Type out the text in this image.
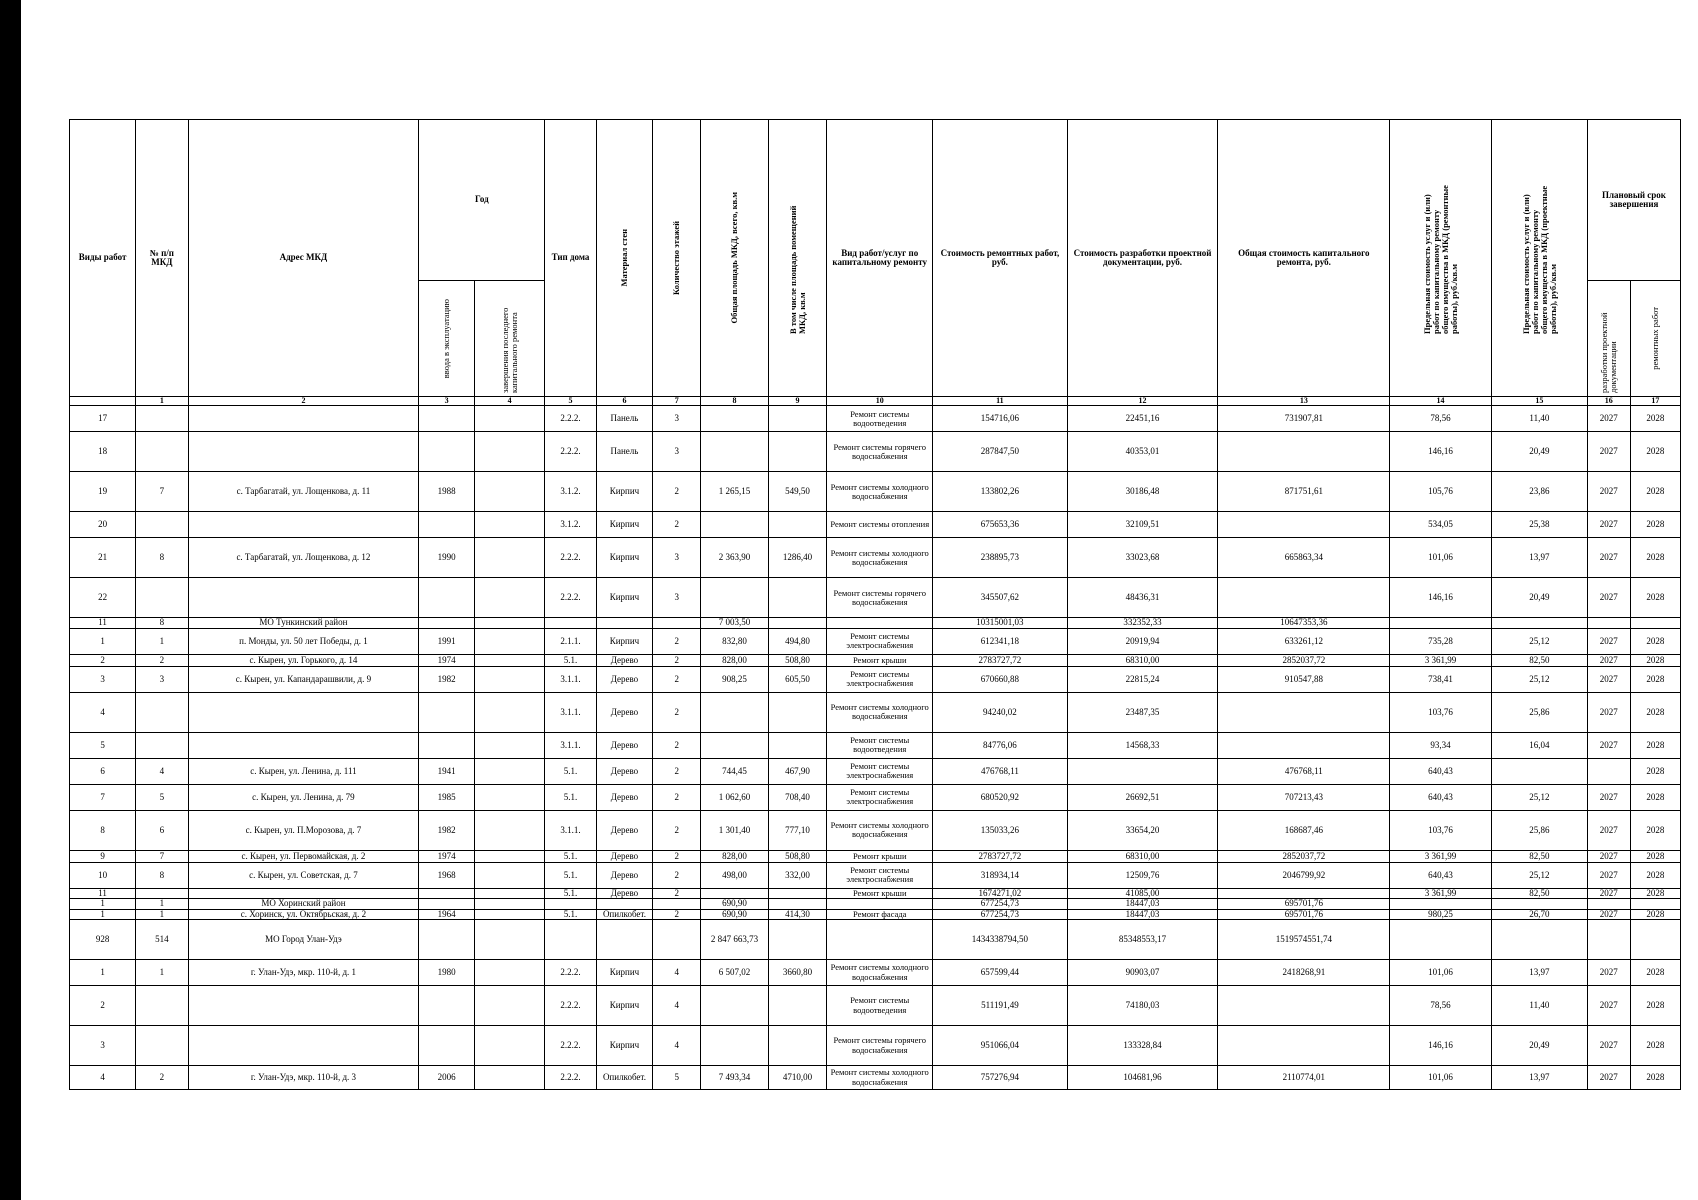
Виды работ	№ п/п МКД	Адрес МКД	Год		Тип дома	Материал стен	Количество этажей	Общая площадь МКД, всего, кв.м	В том числе площадь помещений МКД, кв.м	Вид работ/услуг по капитальному ремонту	Стоимость ремонтных работ, руб.	Стоимость разработки проектной документации, руб.	Общая стоимость капитального ремонта, руб.	Предельная стоимость услуг и (или) работ по капитальному ремонту общего имущества в МКД (ремонтные работы), руб./кв.м	Предельная стоимость услуг и (или) работ по капитальному ремонту общего имущества в МКД (проектные работы), руб./кв.м	Плановый срок завершения	

			ввода в эксплуатацию	завершения последнего капитального ремонта												разработки проектной документации	ремонтных работ

	1	2	3	4	5	6	7	8	9	10	11	12	13	14	15	16	17
17					2.2.2.	Панель	3			Ремонт системы водоотведения	154716,06	22451,16	731907,81	78,56	11,40	2027	2028
18					2.2.2.	Панель	3			Ремонт системы горячего водоснабжения	287847,50	40353,01		146,16	20,49	2027	2028
19	7	с. Тарбагатай, ул. Лощенкова, д. 11	1988		3.1.2.	Кирпич	2	1 265,15	549,50	Ремонт системы холодного водоснабжения	133802,26	30186,48	871751,61	105,76	23,86	2027	2028
20					3.1.2.	Кирпич	2			Ремонт системы отопления	675653,36	32109,51		534,05	25,38	2027	2028
21	8	с. Тарбагатай, ул. Лощенкова, д. 12	1990		2.2.2.	Кирпич	3	2 363,90	1286,40	Ремонт системы холодного водоснабжения	238895,73	33023,68	665863,34	101,06	13,97	2027	2028
22					2.2.2.	Кирпич	3			Ремонт системы горячего водоснабжения	345507,62	48436,31		146,16	20,49	2027	2028
11	8	МО Тункинский район						7 003,50			10315001,03	332352,33	10647353,36				
1	1	п. Монды, ул. 50 лет Победы, д. 1	1991		2.1.1.	Кирпич	2	832,80	494,80	Ремонт системы электроснабжения	612341,18	20919,94	633261,12	735,28	25,12	2027	2028
2	2	с. Кырен, ул. Горького, д. 14	1974		5.1.	Дерево	2	828,00	508,80	Ремонт крыши	2783727,72	68310,00	2852037,72	3 361,99	82,50	2027	2028
3	3	с. Кырен, ул. Капандарашвили, д. 9	1982		3.1.1.	Дерево	2	908,25	605,50	Ремонт системы электроснабжения	670660,88	22815,24	910547,88	738,41	25,12	2027	2028
4					3.1.1.	Дерево	2			Ремонт системы холодного водоснабжения	94240,02	23487,35		103,76	25,86	2027	2028
5					3.1.1.	Дерево	2			Ремонт системы водоотведения	84776,06	14568,33		93,34	16,04	2027	2028
6	4	с. Кырен, ул. Ленина, д. 111	1941		5.1.	Дерево	2	744,45	467,90	Ремонт системы электроснабжения	476768,11		476768,11	640,43			2028
7	5	с. Кырен, ул. Ленина, д. 79	1985		5.1.	Дерево	2	1 062,60	708,40	Ремонт системы электроснабжения	680520,92	26692,51	707213,43	640,43	25,12	2027	2028
8	6	с. Кырен, ул. П.Морозова, д. 7	1982		3.1.1.	Дерево	2	1 301,40	777,10	Ремонт системы холодного водоснабжения	135033,26	33654,20	168687,46	103,76	25,86	2027	2028
9	7	с. Кырен, ул. Первомайская, д. 2	1974		5.1.	Дерево	2	828,00	508,80	Ремонт крыши	2783727,72	68310,00	2852037,72	3 361,99	82,50	2027	2028
10	8	с. Кырен, ул. Советская, д. 7	1968		5.1.	Дерево	2	498,00	332,00	Ремонт системы электроснабжения	318934,14	12509,76	2046799,92	640,43	25,12	2027	2028
11					5.1.	Дерево	2			Ремонт крыши	1674271,02	41085,00		3 361,99	82,50	2027	2028
1	1	МО Хоринский район						690,90			677254,73	18447,03	695701,76				
1	1	с. Хоринск, ул. Октябрьская, д. 2	1964		5.1.	Опилкобет.	2	690,90	414,30	Ремонт фасада	677254,73	18447,03	695701,76	980,25	26,70	2027	2028
928	514	МО Город Улан-Удэ						2 847 663,73			1434338794,50	85348553,17	1519574551,74				
1	1	г. Улан-Удэ, мкр. 110-й, д. 1	1980		2.2.2.	Кирпич	4	6 507,02	3660,80	Ремонт системы холодного водоснабжения	657599,44	90903,07	2418268,91	101,06	13,97	2027	2028
2					2.2.2.	Кирпич	4			Ремонт системы водоотведения	511191,49	74180,03		78,56	11,40	2027	2028
3					2.2.2.	Кирпич	4			Ремонт системы горячего водоснабжения	951066,04	133328,84		146,16	20,49	2027	2028
4	2	г. Улан-Удэ, мкр. 110-й, д. 3	2006		2.2.2.	Опилкобет.	5	7 493,34	4710,00	Ремонт системы холодного водоснабжения	757276,94	104681,96	2110774,01	101,06	13,97	2027	2028
